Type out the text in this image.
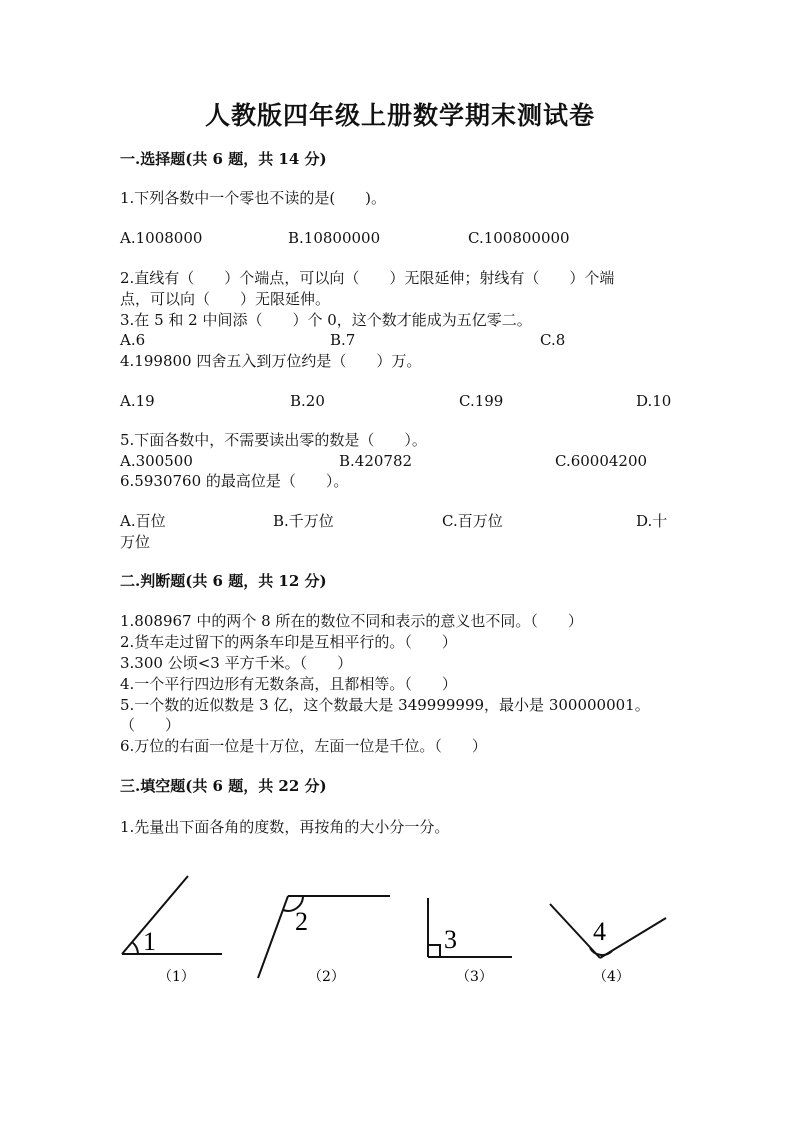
人教版四年级上册数学期末测试卷
一.选择题(共 6 题，共 14 分)
1.下列各数中一个零也不读的是(　　)。
A.1008000	B.10800000	C.100800000
2.直线有（　　）个端点，可以向（　　）无限延伸；射线有（　　）个端
点，可以向（　　）无限延伸。
3.在 5 和 2 中间添（　　）个 0，这个数才能成为五亿零二。
A.6	B.7	C.8
4.199800 四舍五入到万位约是（　　）万。
A.19	B.20	C.199	D.10
5.下面各数中，不需要读出零的数是（　　）。
A.300500	B.420782	C.60004200
6.5930760 的最高位是（　　）。
A.百位	B.千万位	C.百万位	D.十
万位
二.判断题(共 6 题，共 12 分)
1.808967 中的两个 8 所在的数位不同和表示的意义也不同。（　　）
2.货车走过留下的两条车印是互相平行的。（　　）
3.300 公顷<3 平方千米。（　　）
4.一个平行四边形有无数条高，且都相等。（　　）
5.一个数的近似数是 3 亿，这个数最大是 349999999，最小是 300000001。
（　　）
6.万位的右面一位是十万位，左面一位是千位。（　　）
三.填空题(共 6 题，共 22 分)
1.先量出下面各角的度数，再按角的大小分一分。
1
2
3	4
（1）	（2）	（3）	（4）
